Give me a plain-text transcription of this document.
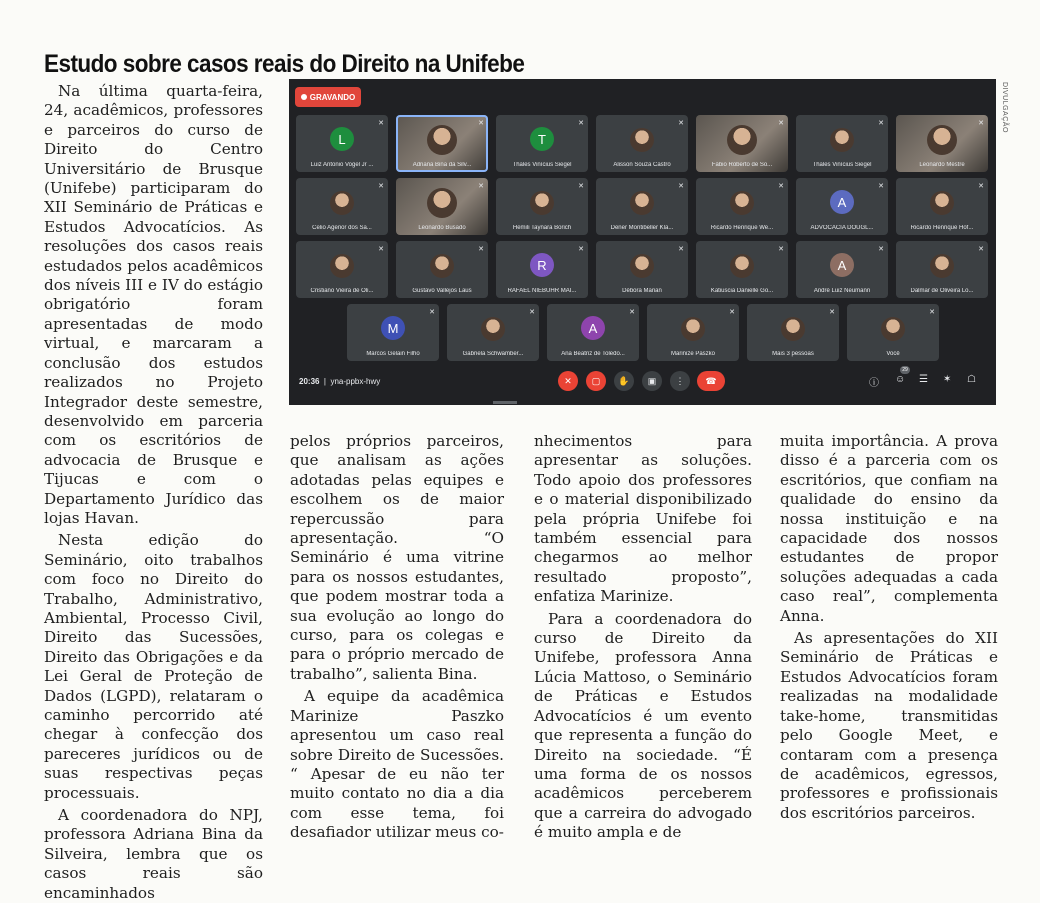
Estudo sobre casos reais do Direito na Unifebe

Na última quarta-feira, 24, acadêmicos, professores e parceiros do curso de Direito do Centro Universitário de Brusque (Unifebe) participaram do XII Seminário de Práticas e Estudos Advocatícios. As resoluções dos casos reais estudados pelos acadêmicos dos níveis III e IV do estágio obrigatório foram apresentadas de modo virtual, e marcaram a conclusão dos estudos realizados no Projeto Integrador deste semestre, desenvolvido em parceria com os escritórios de advocacia de Brusque e Tijucas e com o Departamento Jurídico das lojas Havan.

Nesta edição do Seminário, oito trabalhos com foco no Direito do Trabalho, Administrativo, Ambiental, Processo Civil, Direito das Sucessões, Direito das Obrigações e da Lei Geral de Proteção de Dados (LGPD), relataram o caminho percorrido até chegar à confecção dos pareceres jurídicos ou de suas respectivas peças processuais.

A coordenadora do NPJ, professora Adriana Bina da Silveira, lembra que os casos reais são encaminhados

pelos próprios parceiros, que analisam as ações adotadas pelas equipes e escolhem os de maior repercussão para apresentação. “O Seminário é uma vitrine para os nossos estudantes, que podem mostrar toda a sua evolução ao longo do curso, para os colegas e para o próprio mercado de trabalho”, salienta Bina.

A equipe da acadêmica Marinize Paszko apresentou um caso real sobre Direito de Sucessões. “ Apesar de eu não ter muito contato no dia a dia com esse tema, foi desafiador utilizar meus co-

nhecimentos para apresentar as soluções. Todo apoio dos professores e o material disponibilizado pela própria Unifebe foi também essencial para chegarmos ao melhor resultado proposto”, enfatiza Marinize.

Para a coordenadora do curso de Direito da Unifebe, professora Anna Lúcia Mattoso, o Seminário de Práticas e Estudos Advocatícios é um evento que representa a função do Direito na sociedade. “É uma forma de os nossos acadêmicos perceberem que a carreira do advogado é muito ampla e de

muita importância. A prova disso é a parceria com os escritórios, que confiam na qualidade do ensino da nossa instituição e na capacidade dos nossos estudantes de propor soluções adequadas a cada caso real”, complementa Anna.

As apresentações do XII Seminário de Práticas e Estudos Advocatícios foram realizadas na modalidade take-home, transmitidas pelo Google Meet, e contaram com a presença de acadêmicos, egressos, professores e profissionais dos escritórios parceiros.

DIVULGAÇÃO
GRAVANDO
✕
L
Luiz Antonio Vogel Jr ...
✕
Adriana Bina da Silv...
✕
T
Thales Vinícius Siegel
✕
Alisson Souza Castro
✕
Fábio Roberto de So...
✕
Thales Vinícius Siegel
✕
Leonardo Mestre
✕
Celio Agenor dos Sa...
✕
Leonardo Busado
✕
Hemili Taynara Borich
✕
Dener Montibeller Kla...
✕
Ricardo Henrique We...
✕
A
ADVOCACIA DOUGL...
✕
Ricardo Henrique Hof...
✕
Cristiano Vieira de Oli...
✕
Gustavo Vallejos Laus
✕
R
RAFAEL NIEBUHR MAI...
✕
Débora Marian
✕
Katiuscia Danielle Go...
✕
A
André Luiz Neumann
✕
Dalmar de Oliveira Lo...
✕
M
Marcos Gelain Filho
✕
Gabriela Schwamber...
✕
A
Ana Beatriz de Toledo...
✕
Marinize Paszko
✕
Mais 3 pessoas
✕
Você
20:36  |  yna-ppbx-hwy	✕	▢	✋	▣	⋮	☎	ⓘ
29
☺ ☰ ✶ ☖
